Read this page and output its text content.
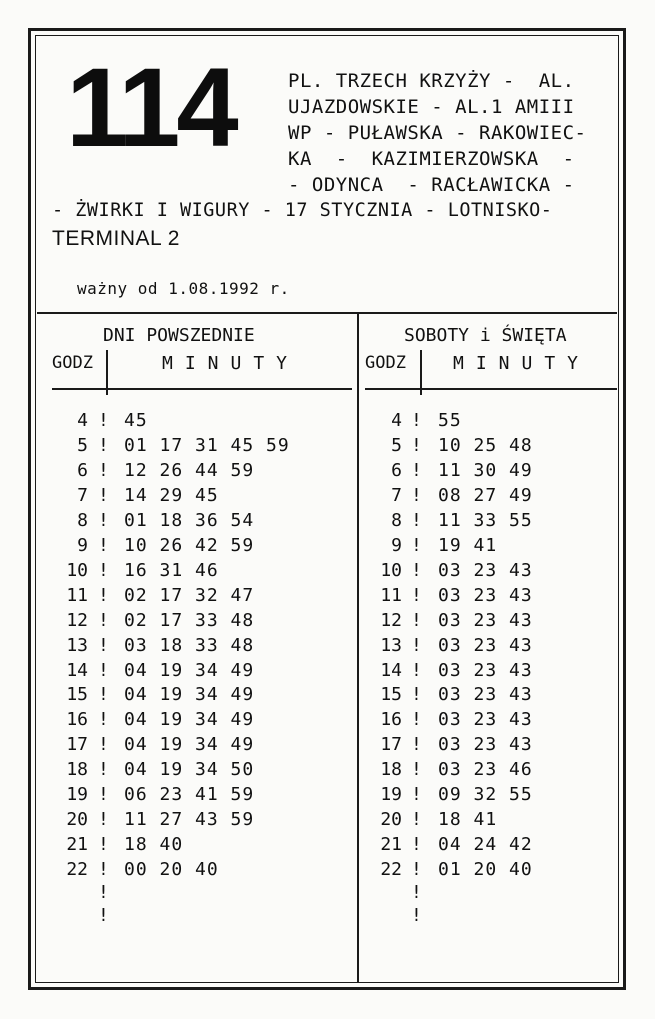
114	PL. TRZECH KRZYŻY -  AL.
UJAZDOWSKIE - AL.1 AMIII
WP - PUŁAWSKA - RAKOWIEC-
KA  -  KAZIMIERZOWSKA  -
- ODYNCA  - RACŁAWICKA -
- ŻWIRKI I WIGURY - 17 STYCZNIA - LOTNISKO-
TERMINAL 2
ważny od 1.08.1992 r.
DNI POWSZEDNIE
GODZ	MINUTY
SOBOTY i ŚWIĘTA
GODZ	MINUTY
4 ! 45
5 ! 01 17 31 45 59
6 ! 12 26 44 59
7 ! 14 29 45
8 ! 01 18 36 54
9 ! 10 26 42 59
10 ! 16 31 46
11 ! 02 17 32 47
12 ! 02 17 33 48
13 ! 03 18 33 48
14 ! 04 19 34 49
15 ! 04 19 34 49
16 ! 04 19 34 49
17 ! 04 19 34 49
18 ! 04 19 34 50
19 ! 06 23 41 59
20 ! 11 27 43 59
21 ! 18 40
22 ! 00 20 40
4 ! 55
5 ! 10 25 48
6 ! 11 30 49
7 ! 08 27 49
8 ! 11 33 55
9 ! 19 41
10 ! 03 23 43
11 ! 03 23 43
12 ! 03 23 43
13 ! 03 23 43
14 ! 03 23 43
15 ! 03 23 43
16 ! 03 23 43
17 ! 03 23 43
18 ! 03 23 46
19 ! 09 32 55
20 ! 18 41
21 ! 04 24 42
22 ! 01 20 40
!
!
!
!
